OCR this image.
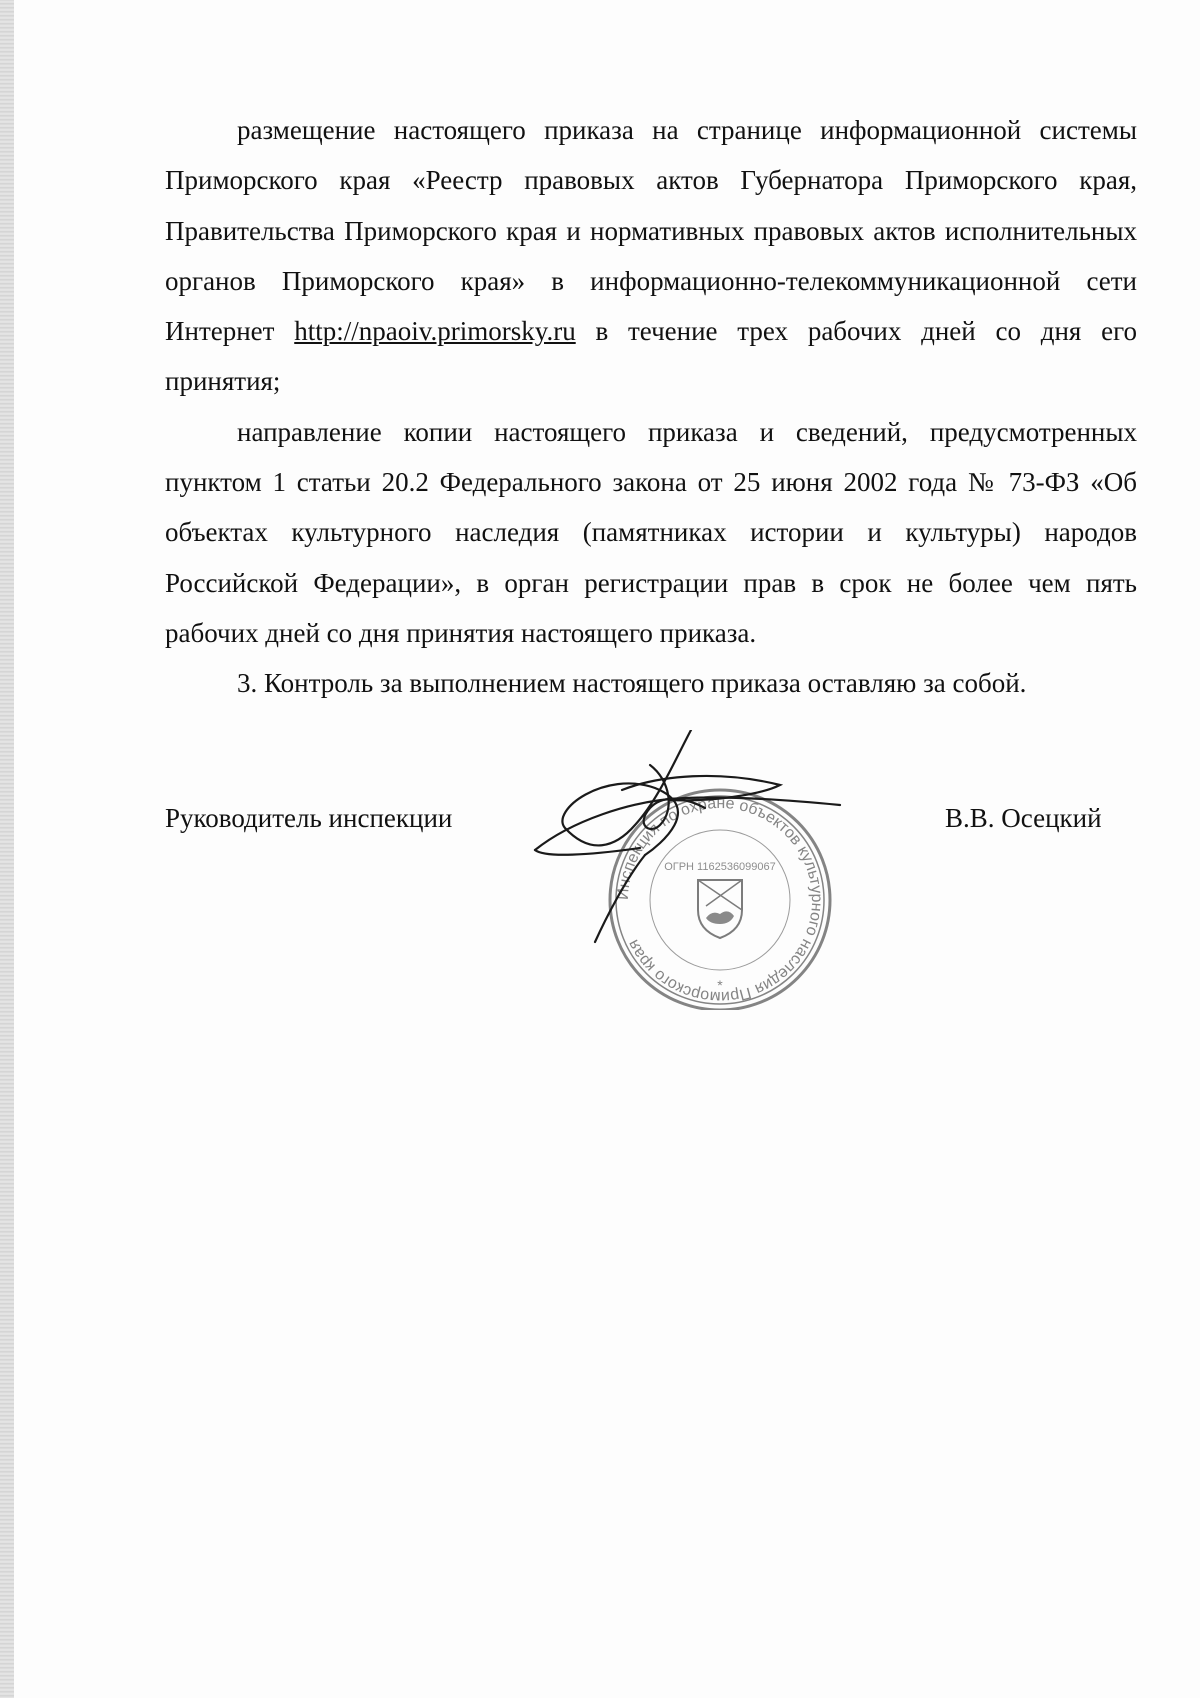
размещение настоящего приказа на странице информационной системы Приморского края «Реестр правовых актов Губернатора Приморского края, Правительства Приморского края и нормативных правовых актов исполнительных органов Приморского края» в информационно-телекоммуникационной сети Интернет http://npaoiv.primorsky.ru в течение трех рабочих дней со дня его принятия;

направление копии настоящего приказа и сведений, предусмотренных пунктом 1 статьи 20.2 Федерального закона от 25 июня 2002 года № 73-ФЗ «Об объектах культурного наследия (памятниках истории и культуры) народов Российской Федерации», в орган регистрации прав в срок не более чем пять рабочих дней со дня принятия настоящего приказа.

3. Контроль за выполнением настоящего приказа оставляю за собой.

Руководитель инспекции	В.В. Осецкий
Инспекция по охране объектов культурного наследия Приморского края
ОГРН 1162536099067
*
